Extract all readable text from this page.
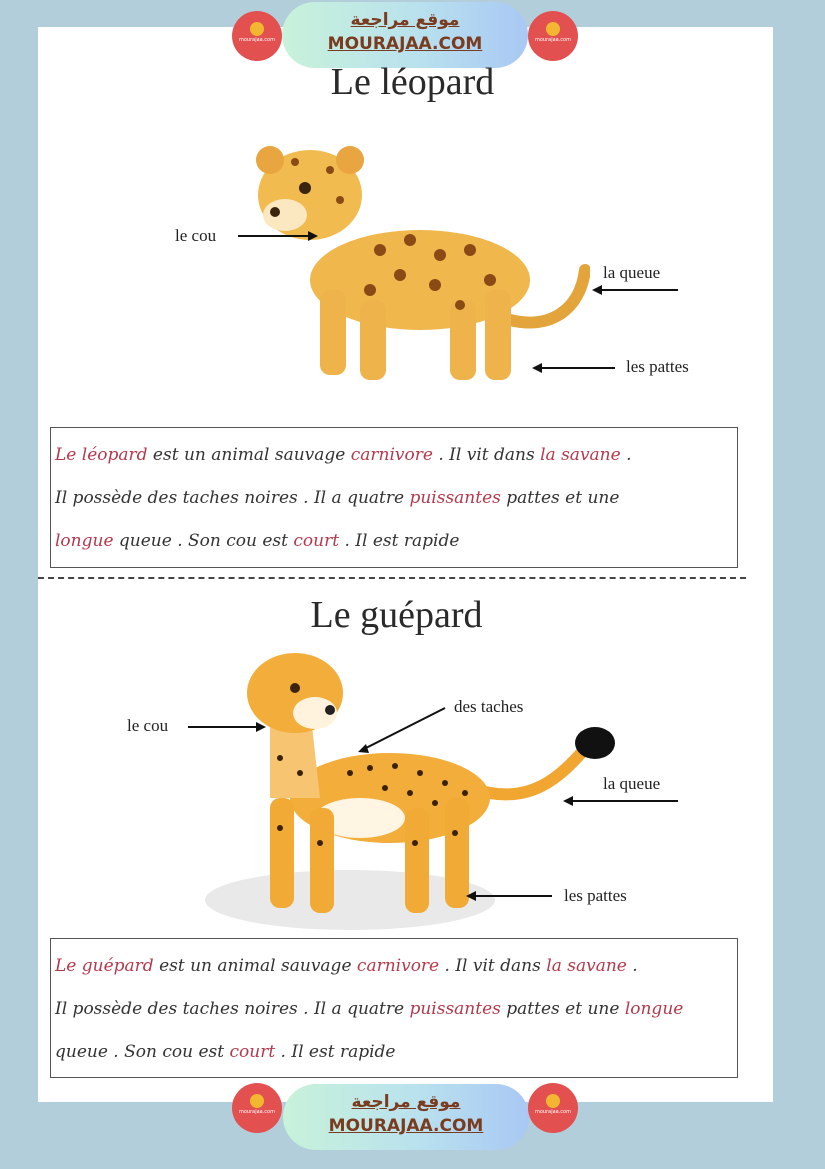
mourajaa.com
موقع مراجعة
MOURAJAA.COM	mourajaa.com
Le léopard
le cou
la queue
les pattes
Le léopard est un animal sauvage carnivore . Il vit dans la savane .
Il possède des taches noires . Il a quatre puissantes pattes et une
longue queue . Son cou est court . Il est rapide
Le guépard
le cou
des taches
la queue
les pattes
Le guépard est un animal sauvage carnivore . Il vit dans la savane .
Il possède des taches noires . Il a quatre puissantes pattes et une longue
queue . Son cou est court . Il est rapide
mourajaa.com	موقع مراجعة
MOURAJAA.COM
mourajaa.com
